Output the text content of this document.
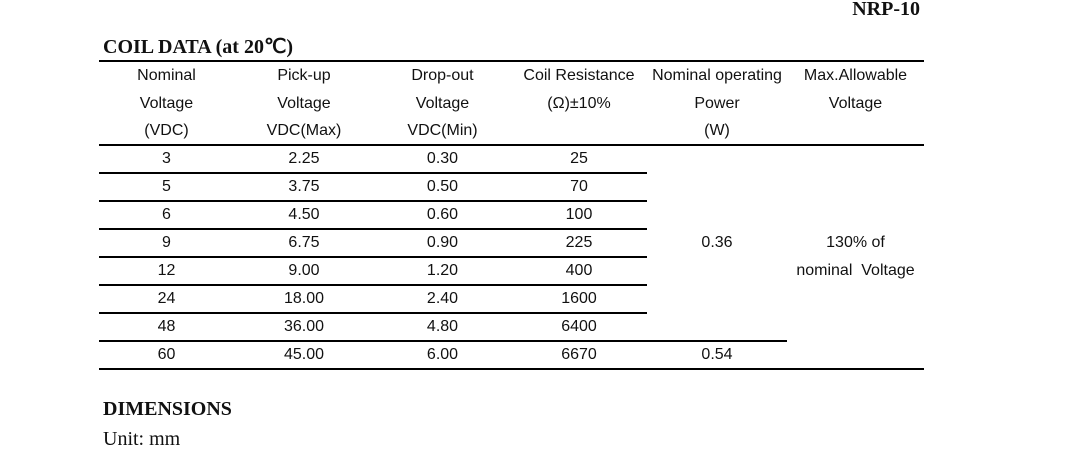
NRP-10
COIL DATA (at 20℃)
Nominal	Pick-up	Drop-out	Coil Resistance	Nominal operating	Max.Allowable
Voltage	Voltage	Voltage	(Ω)±10%	Power	Voltage
(VDC)	VDC(Max)	VDC(Min)		(W)	
3	2.25	0.30	25	0.36	130% of
nominal  Voltage
5	3.75	0.50	70		
6	4.50	0.60	100		
9	6.75	0.90	225		
12	9.00	1.20	400		
24	18.00	2.40	1600		
48	36.00	4.80	6400		
60	45.00	6.00	6670	0.54	
DIMENSIONS
Unit: mm
